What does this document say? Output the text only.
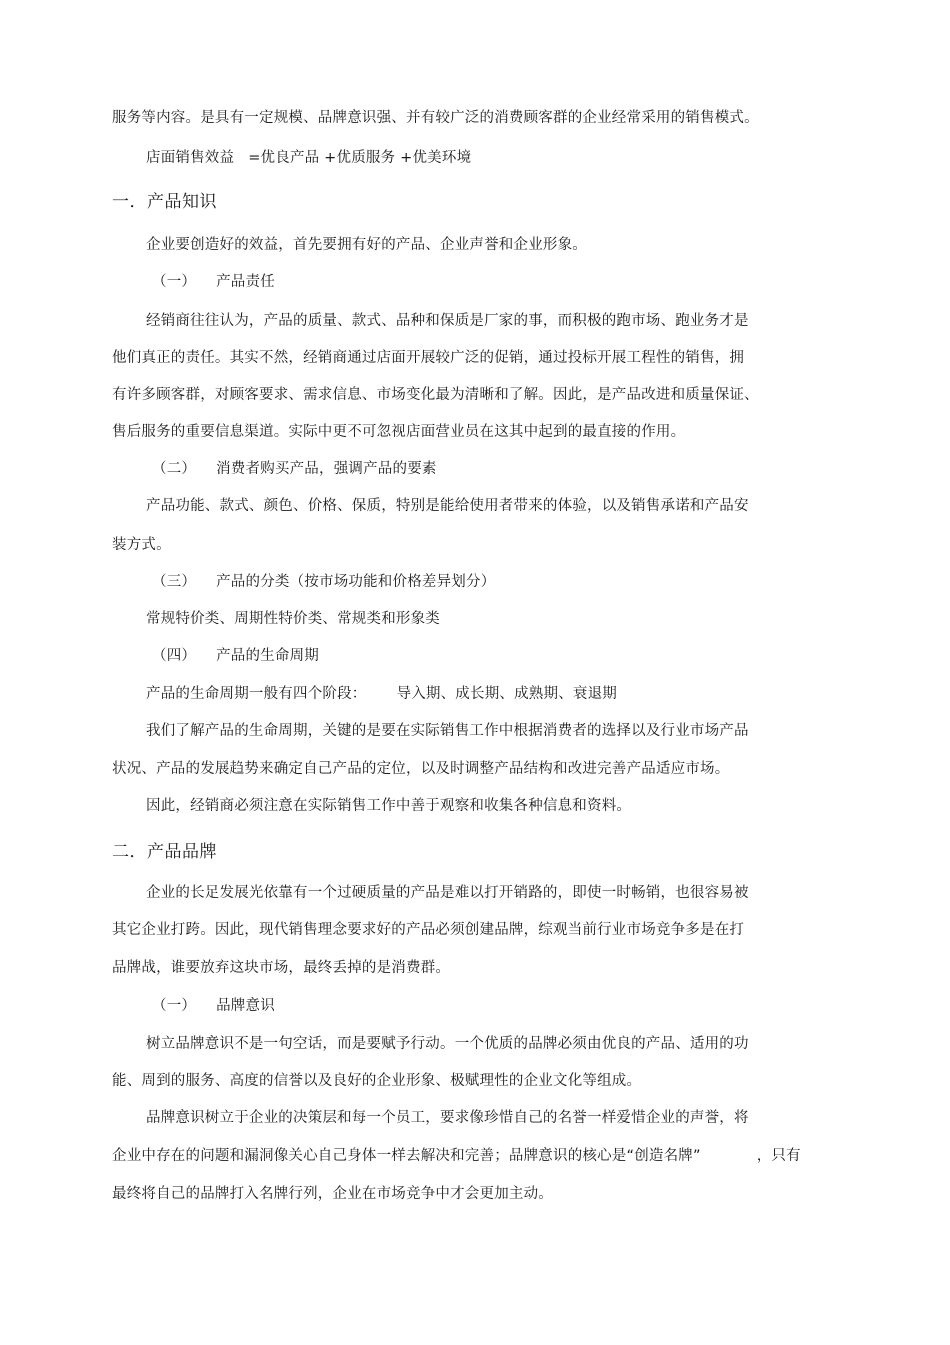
服务等内容。是具有一定规模、品牌意识强、并有较广泛的消费顾客群的企业经常采用的销售模式。
店面销售效益 =优良产品 +优质服务 +优美环境
一．产品知识
企业要创造好的效益，首先要拥有好的产品、企业声誉和企业形象。
（一） 产品责任
经销商往往认为，产品的质量、款式、品种和保质是厂家的事，而积极的跑市场、跑业务才是
他们真正的责任。其实不然，经销商通过店面开展较广泛的促销，通过投标开展工程性的销售，拥
有许多顾客群，对顾客要求、需求信息、市场变化最为清晰和了解。因此，是产品改进和质量保证、
售后服务的重要信息渠道。实际中更不可忽视店面营业员在这其中起到的最直接的作用。
（二） 消费者购买产品，强调产品的要素
产品功能、款式、颜色、价格、保质，特别是能给使用者带来的体验，以及销售承诺和产品安
装方式。
（三） 产品的分类（按市场功能和价格差异划分）
常规特价类、周期性特价类、常规类和形象类
（四） 产品的生命周期
产品的生命周期一般有四个阶段： 导入期、成长期、成熟期、衰退期
我们了解产品的生命周期，关键的是要在实际销售工作中根据消费者的选择以及行业市场产品
状况、产品的发展趋势来确定自己产品的定位，以及时调整产品结构和改进完善产品适应市场。
因此，经销商必须注意在实际销售工作中善于观察和收集各种信息和资料。
二．产品品牌
企业的长足发展光依靠有一个过硬质量的产品是难以打开销路的，即使一时畅销，也很容易被
其它企业打跨。因此，现代销售理念要求好的产品必须创建品牌，综观当前行业市场竞争多是在打
品牌战，谁要放弃这块市场，最终丢掉的是消费群。
（一） 品牌意识
树立品牌意识不是一句空话，而是要赋予行动。一个优质的品牌必须由优良的产品、适用的功
能、周到的服务、高度的信誉以及良好的企业形象、极赋理性的企业文化等组成。
品牌意识树立于企业的决策层和每一个员工，要求像珍惜自己的名誉一样爱惜企业的声誉，将
企业中存在的问题和漏洞像关心自己身体一样去解决和完善；品牌意识的核心是“创造名牌”	，只有
最终将自己的品牌打入名牌行列，企业在市场竞争中才会更加主动。
